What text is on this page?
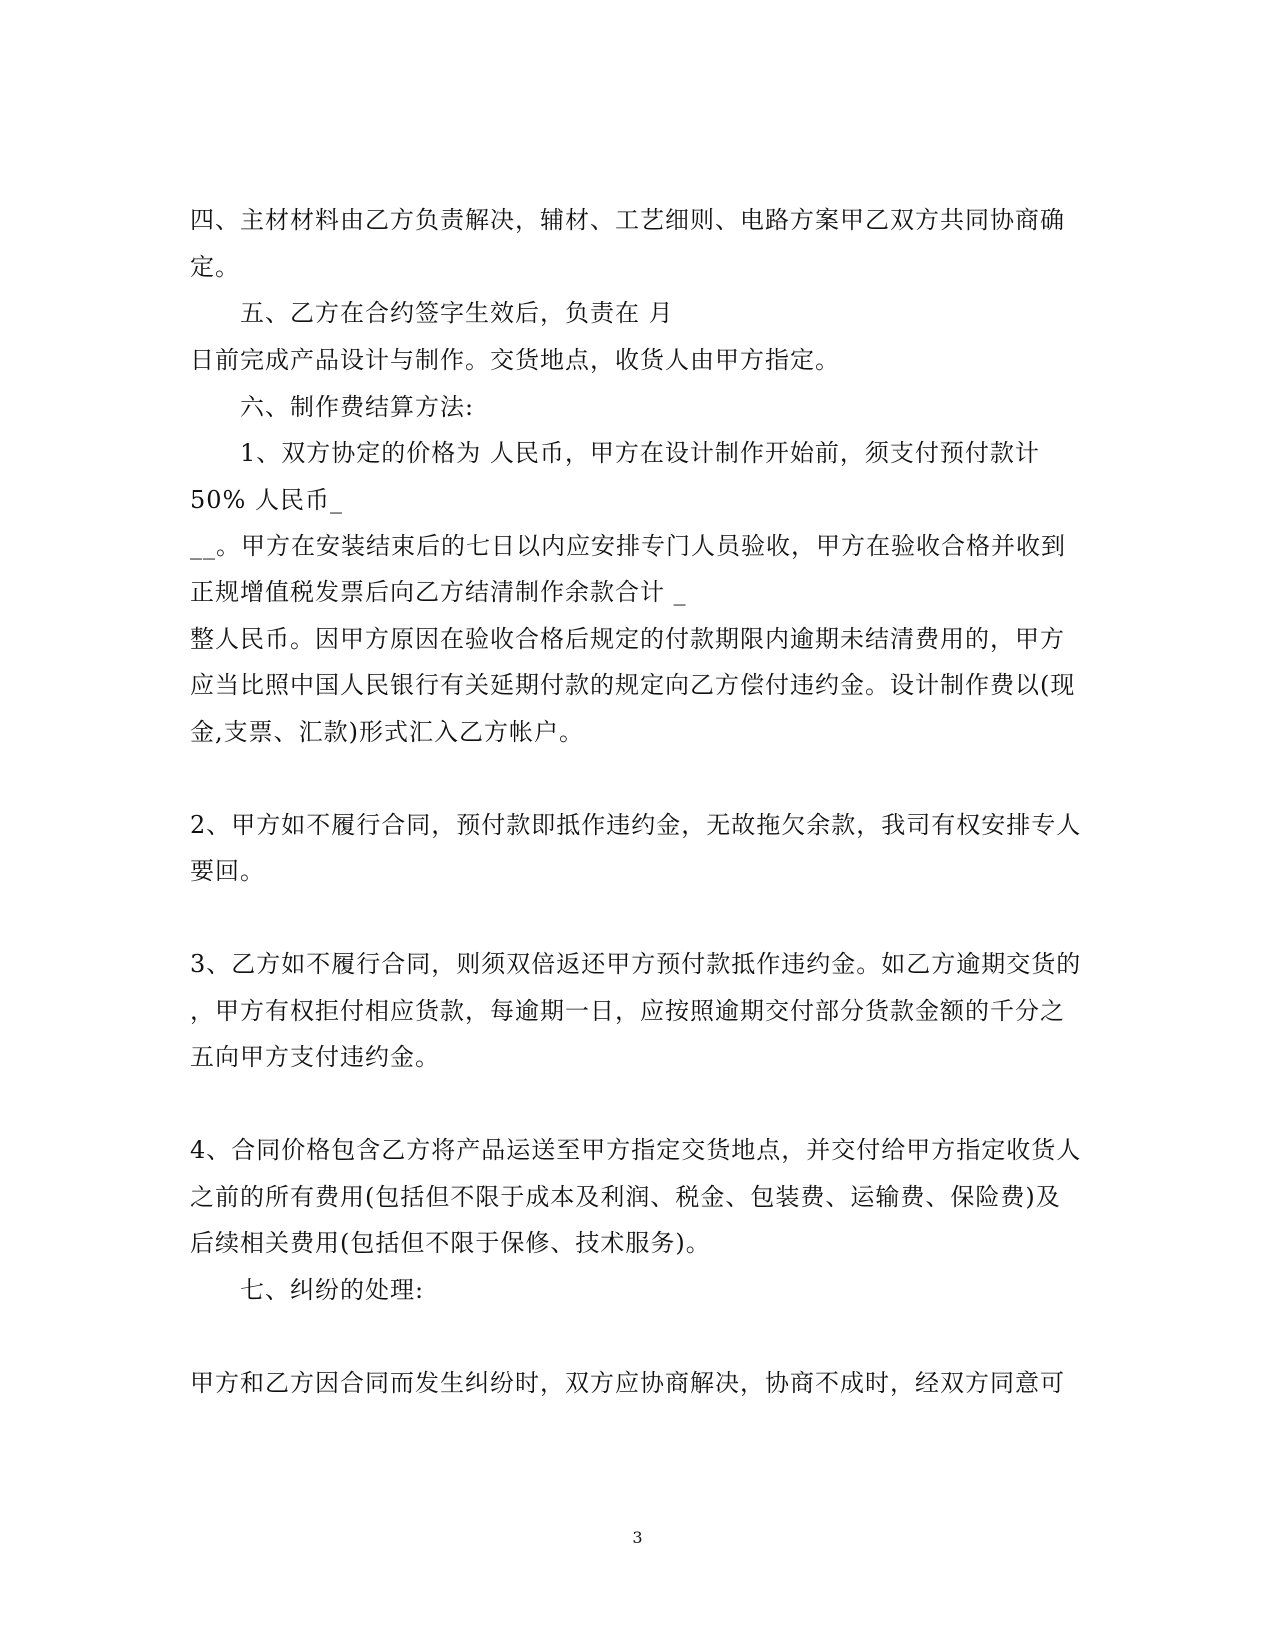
四、主材材料由乙方负责解决，辅材、工艺细则、电路方案甲乙双方共同协商确
定。
五、乙方在合约签字生效后，负责在 月
日前完成产品设计与制作。交货地点，收货人由甲方指定。
六、制作费结算方法:
1、双方协定的价格为 人民币，甲方在设计制作开始前，须支付预付款计
50% 人民币_
__。甲方在安装结束后的七日以内应安排专门人员验收，甲方在验收合格并收到
正规增值税发票后向乙方结清制作余款合计 _
整人民币。因甲方原因在验收合格后规定的付款期限内逾期未结清费用的，甲方
应当比照中国人民银行有关延期付款的规定向乙方偿付违约金。设计制作费以(现
金,支票、汇款)形式汇入乙方帐户。
2、甲方如不履行合同，预付款即抵作违约金，无故拖欠余款，我司有权安排专人
要回。
3、乙方如不履行合同，则须双倍返还甲方预付款抵作违约金。如乙方逾期交货的
，甲方有权拒付相应货款，每逾期一日，应按照逾期交付部分货款金额的千分之
五向甲方支付违约金。
4、合同价格包含乙方将产品运送至甲方指定交货地点，并交付给甲方指定收货人
之前的所有费用(包括但不限于成本及利润、税金、包装费、运输费、保险费)及
后续相关费用(包括但不限于保修、技术服务)。
七、纠纷的处理:
甲方和乙方因合同而发生纠纷时，双方应协商解决，协商不成时，经双方同意可
3
